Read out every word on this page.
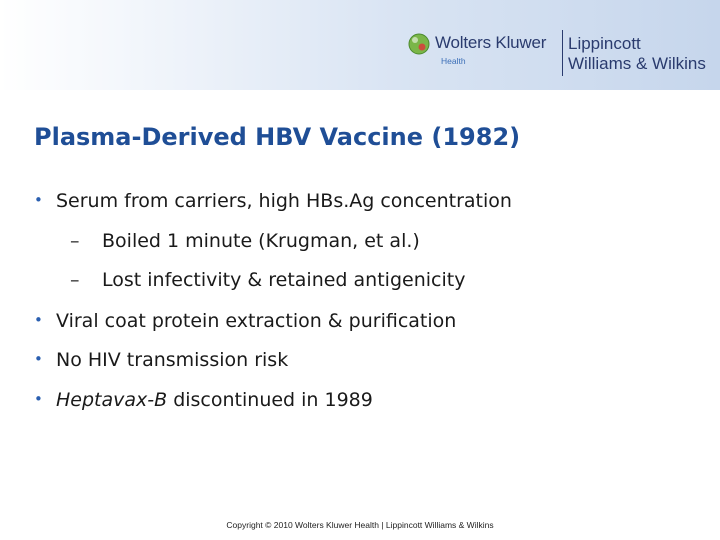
Wolters Kluwer
Health
Lippincott
Williams & Wilkins
Plasma-Derived HBV Vaccine (1982)
• Serum from carriers, high HBs.Ag concentration
– Boiled 1 minute (Krugman, et al.)
– Lost infectivity & retained antigenicity
• Viral coat protein extraction & purification
• No HIV transmission risk
• Heptavax-B discontinued in 1989
Copyright © 2010 Wolters Kluwer Health | Lippincott Williams & Wilkins
